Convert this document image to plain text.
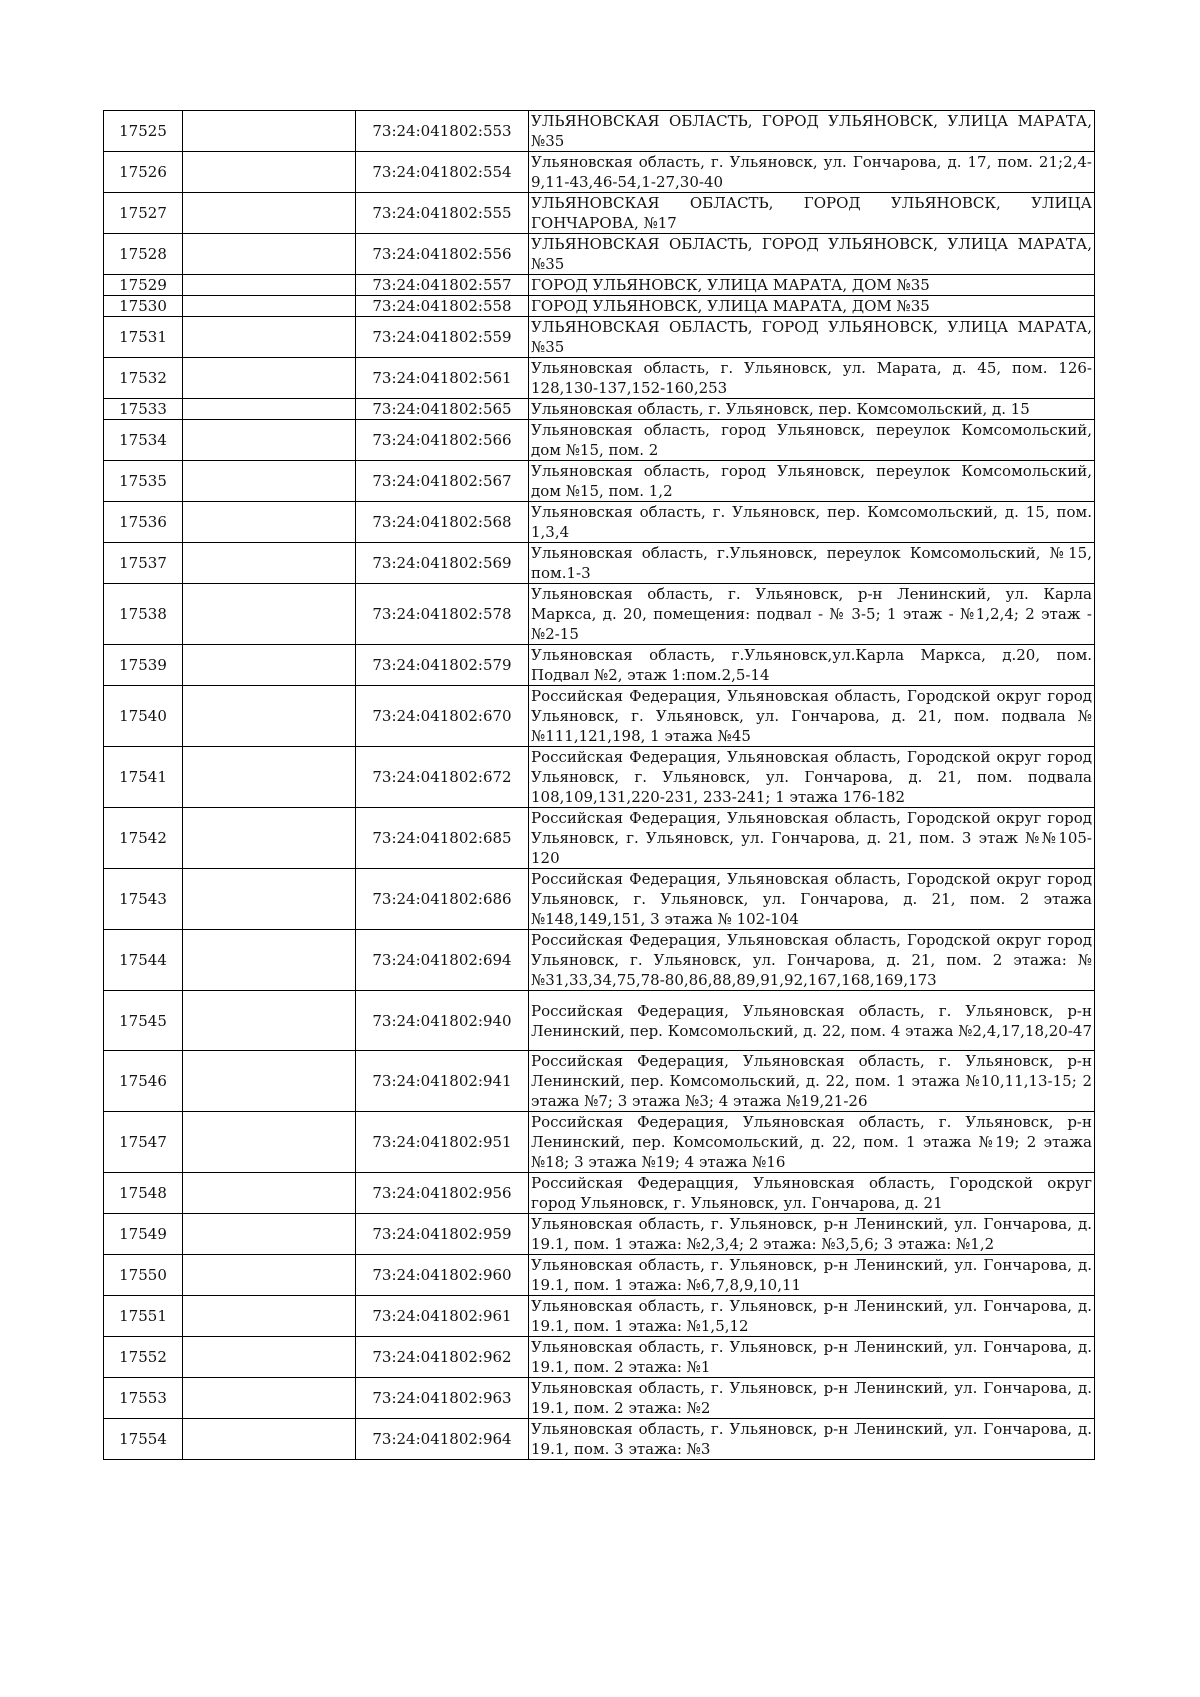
17525		73:24:041802:553	УЛЬЯНОВСКАЯ ОБЛАСТЬ, ГОРОД УЛЬЯНОВСК, УЛИЦА МАРАТА, №35
17526		73:24:041802:554	Ульяновская область, г. Ульяновск, ул. Гончарова, д. 17, пом. 21;2,4-9,11-43,46-54,1-27,30-40
17527		73:24:041802:555	УЛЬЯНОВСКАЯ ОБЛАСТЬ, ГОРОД УЛЬЯНОВСК, УЛИЦА ГОНЧАРОВА, №17
17528		73:24:041802:556	УЛЬЯНОВСКАЯ ОБЛАСТЬ, ГОРОД УЛЬЯНОВСК, УЛИЦА МАРАТА, №35
17529		73:24:041802:557	ГОРОД УЛЬЯНОВСК, УЛИЦА МАРАТА, ДОМ №35
17530		73:24:041802:558	ГОРОД УЛЬЯНОВСК, УЛИЦА МАРАТА, ДОМ №35
17531		73:24:041802:559	УЛЬЯНОВСКАЯ ОБЛАСТЬ, ГОРОД УЛЬЯНОВСК, УЛИЦА МАРАТА, №35
17532		73:24:041802:561	Ульяновская область, г. Ульяновск, ул. Марата, д. 45, пом. 126-128,130-137,152-160,253
17533		73:24:041802:565	Ульяновская область, г. Ульяновск, пер. Комсомольский, д. 15
17534		73:24:041802:566	Ульяновская область, город Ульяновск, переулок Комсомольский, дом №15, пом. 2
17535		73:24:041802:567	Ульяновская область, город Ульяновск, переулок Комсомольский, дом №15, пом. 1,2
17536		73:24:041802:568	Ульяновская область, г. Ульяновск, пер. Комсомольский, д. 15, пом. 1,3,4
17537		73:24:041802:569	Ульяновская область, г.Ульяновск, переулок Комсомольский, №15, пом.1-3
17538		73:24:041802:578	Ульяновская область, г. Ульяновск, р-н Ленинский, ул. Карла Маркса, д. 20, помещения: подвал - № 3-5; 1 этаж - №1,2,4; 2 этаж - №2-15
17539		73:24:041802:579	Ульяновская область, г.Ульяновск,ул.Карла Маркса, д.20, пом. Подвал №2, этаж 1:пом.2,5-14
17540		73:24:041802:670	Российская Федерация, Ульяновская область, Городской округ город Ульяновск, г. Ульяновск, ул. Гончарова, д. 21, пом. подвала №№111,121,198, 1 этажа №45
17541		73:24:041802:672	Российская Федерация, Ульяновская область, Городской округ город Ульяновск, г. Ульяновск, ул. Гончарова, д. 21, пом. подвала 108,109,131,220-231, 233-241; 1 этажа 176-182
17542		73:24:041802:685	Российская Федерация, Ульяновская область, Городской округ город Ульяновск, г. Ульяновск, ул. Гончарова, д. 21, пом. 3 этаж №№105-120
17543		73:24:041802:686	Российская Федерация, Ульяновская область, Городской округ город Ульяновск, г. Ульяновск, ул. Гончарова, д. 21, пом. 2 этажа №148,149,151, 3 этажа № 102-104
17544		73:24:041802:694	Российская Федерация, Ульяновская область, Городской округ город Ульяновск, г. Ульяновск, ул. Гончарова, д. 21, пом. 2 этажа: №№31,33,34,75,78-80,86,88,89,91,92,167,168,169,173
17545		73:24:041802:940	Российская Федерация, Ульяновская область, г. Ульяновск, р-н Ленинский, пер. Комсомольский, д. 22, пом. 4 этажа №2,4,17,18,20-47
17546		73:24:041802:941	Российская Федерация, Ульяновская область, г. Ульяновск, р-н Ленинский, пер. Комсомольский, д. 22, пом. 1 этажа №10,11,13-15; 2 этажа №7; 3 этажа №3; 4 этажа №19,21-26
17547		73:24:041802:951	Российская Федерация, Ульяновская область, г. Ульяновск, р-н Ленинский, пер. Комсомольский, д. 22, пом. 1 этажа №19; 2 этажа №18; 3 этажа №19; 4 этажа №16
17548		73:24:041802:956	Российская Федерацция, Ульяновская область, Городской округ город Ульяновск, г. Ульяновск, ул. Гончарова, д. 21
17549		73:24:041802:959	Ульяновская область, г. Ульяновск, р-н Ленинский, ул. Гончарова, д. 19.1, пом. 1 этажа: №2,3,4; 2 этажа: №3,5,6; 3 этажа: №1,2
17550		73:24:041802:960	Ульяновская область, г. Ульяновск, р-н Ленинский, ул. Гончарова, д. 19.1, пом. 1 этажа: №6,7,8,9,10,11
17551		73:24:041802:961	Ульяновская область, г. Ульяновск, р-н Ленинский, ул. Гончарова, д. 19.1, пом. 1 этажа: №1,5,12
17552		73:24:041802:962	Ульяновская область, г. Ульяновск, р-н Ленинский, ул. Гончарова, д. 19.1, пом. 2 этажа: №1
17553		73:24:041802:963	Ульяновская область, г. Ульяновск, р-н Ленинский, ул. Гончарова, д. 19.1, пом. 2 этажа: №2
17554		73:24:041802:964	Ульяновская область, г. Ульяновск, р-н Ленинский, ул. Гончарова, д. 19.1, пом. 3 этажа: №3
